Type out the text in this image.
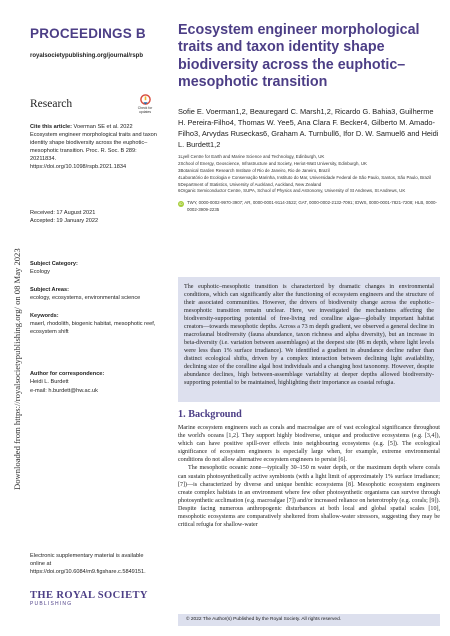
Downloaded from https://royalsocietypublishing.org/ on 08 May 2023
PROCEEDINGS B
royalsocietypublishing.org/journal/rspb
Research	Check for updates
Cite this article: Voerman SE et al. 2022 Ecosystem engineer morphological traits and taxon identity shape biodiversity across the euphotic–mesophotic transition. Proc. R. Soc. B 289: 20211834.
https://doi.org/10.1098/rspb.2021.1834
Received: 17 August 2021
Accepted: 19 January 2022
Subject Category:
Ecology
Subject Areas:
ecology, ecosystems, environmental science
Keywords:
maerl, rhodolith, biogenic habitat, mesophotic reef, ecosystem shift
Author for correspondence:
Heidi L. Burdett
e-mail: h.burdett@hw.ac.uk
Electronic supplementary material is available online at https://doi.org/10.6084/m9.figshare.c.5849151.
THE ROYAL SOCIETY
PUBLISHING
Ecosystem engineer morphological traits and taxon identity shape biodiversity across the euphotic–mesophotic transition
Sofie E. Voerman1,2, Beauregard C. Marsh1,2, Ricardo G. Bahia3, Guilherme H. Pereira-Filho4, Thomas W. Yee5, Ana Clara F. Becker4, Gilberto M. Amado-Filho3, Arvydas Ruseckas6, Graham A. Turnbull6, Ifor D. W. Samuel6 and Heidi L. Burdett1,2
1Lyell Centre for Earth and Marine Science and Technology, Edinburgh, UK
2School of Energy, Geoscience, Infrastructure and Society, Heriot-Watt University, Edinburgh, UK
3Botanical Garden Research Institute of Rio de Janeiro, Rio de Janeiro, Brazil
4Laboratório de Ecologia e Conservação Marinha, Instituto do Mar, Universidade Federal de São Paulo, Santos, São Paulo, Brazil
5Department of Statistics, University of Auckland, Auckland, New Zealand
6Organic Semiconductor Centre, SUPA, School of Physics and Astronomy, University of St Andrews, St Andrews, UK
iD	TWY, 0000-0002-9970-3907; AR, 0000-0001-9114-3522; GAT, 0000-0002-2132-7091; IDWS, 0000-0001-7821-7208; HLB, 0000-0002-3909-2235

The euphotic–mesophotic transition is characterized by dramatic changes in environmental conditions, which can significantly alter the functioning of ecosystem engineers and the structure of their associated communities. However, the drivers of biodiversity change across the euphotic–mesophotic transition remain unclear. Here, we investigated the mechanisms affecting the biodiversity-supporting potential of free-living red coralline algae—globally important habitat creators—towards mesophotic depths. Across a 73 m depth gradient, we observed a general decline in macrofaunal biodiversity (fauna abundance, taxon richness and alpha diversity), but an increase in beta-diversity (i.e. variation between assemblages) at the deepest site (86 m depth, where light levels were less than 1% surface irradiance). We identified a gradient in abundance decline rather than distinct ecological shifts, driven by a complex interaction between declining light availability, declining size of the coralline algal host individuals and a changing host taxonomy. However, despite abundance declines, high between-assemblage variability at deeper depths allowed biodiversity-supporting potential to be maintained, highlighting their importance as coastal refugia.

1. Background

Marine ecosystem engineers such as corals and macroalgae are of vast ecological significance throughout the world's oceans [1,2]. They support highly biodiverse, unique and productive ecosystems (e.g. [3,4]), which can have positive spill-over effects into neighbouring ecosystems (e.g. [5]). The ecological significance of ecosystem engineers is especially large when, for example, extreme environmental conditions do not allow alternative ecosystem engineers to persist [6].

The mesophotic oceanic zone—typically 30–150 m water depth, or the maximum depth where corals can sustain photosynthetically active symbionts (with a light limit of approximately 1% surface irradiance; [7])—is characterized by diverse and unique benthic ecosystems [8]. Mesophotic ecosystem engineers create complex habitats in an environment where few other photosynthetic organisms can survive through photosynthetic acclimation (e.g. macroalgae [7]) and/or increased reliance on heterotrophy (e.g. corals; [9]). Despite facing numerous anthropogenic disturbances at both local and global spatial scales [10], mesophotic ecosystems are comparatively sheltered from shallow-water stressors, suggesting they may be critical refugia for shallow-water

© 2022 The Author(s) Published by the Royal Society. All rights reserved.
